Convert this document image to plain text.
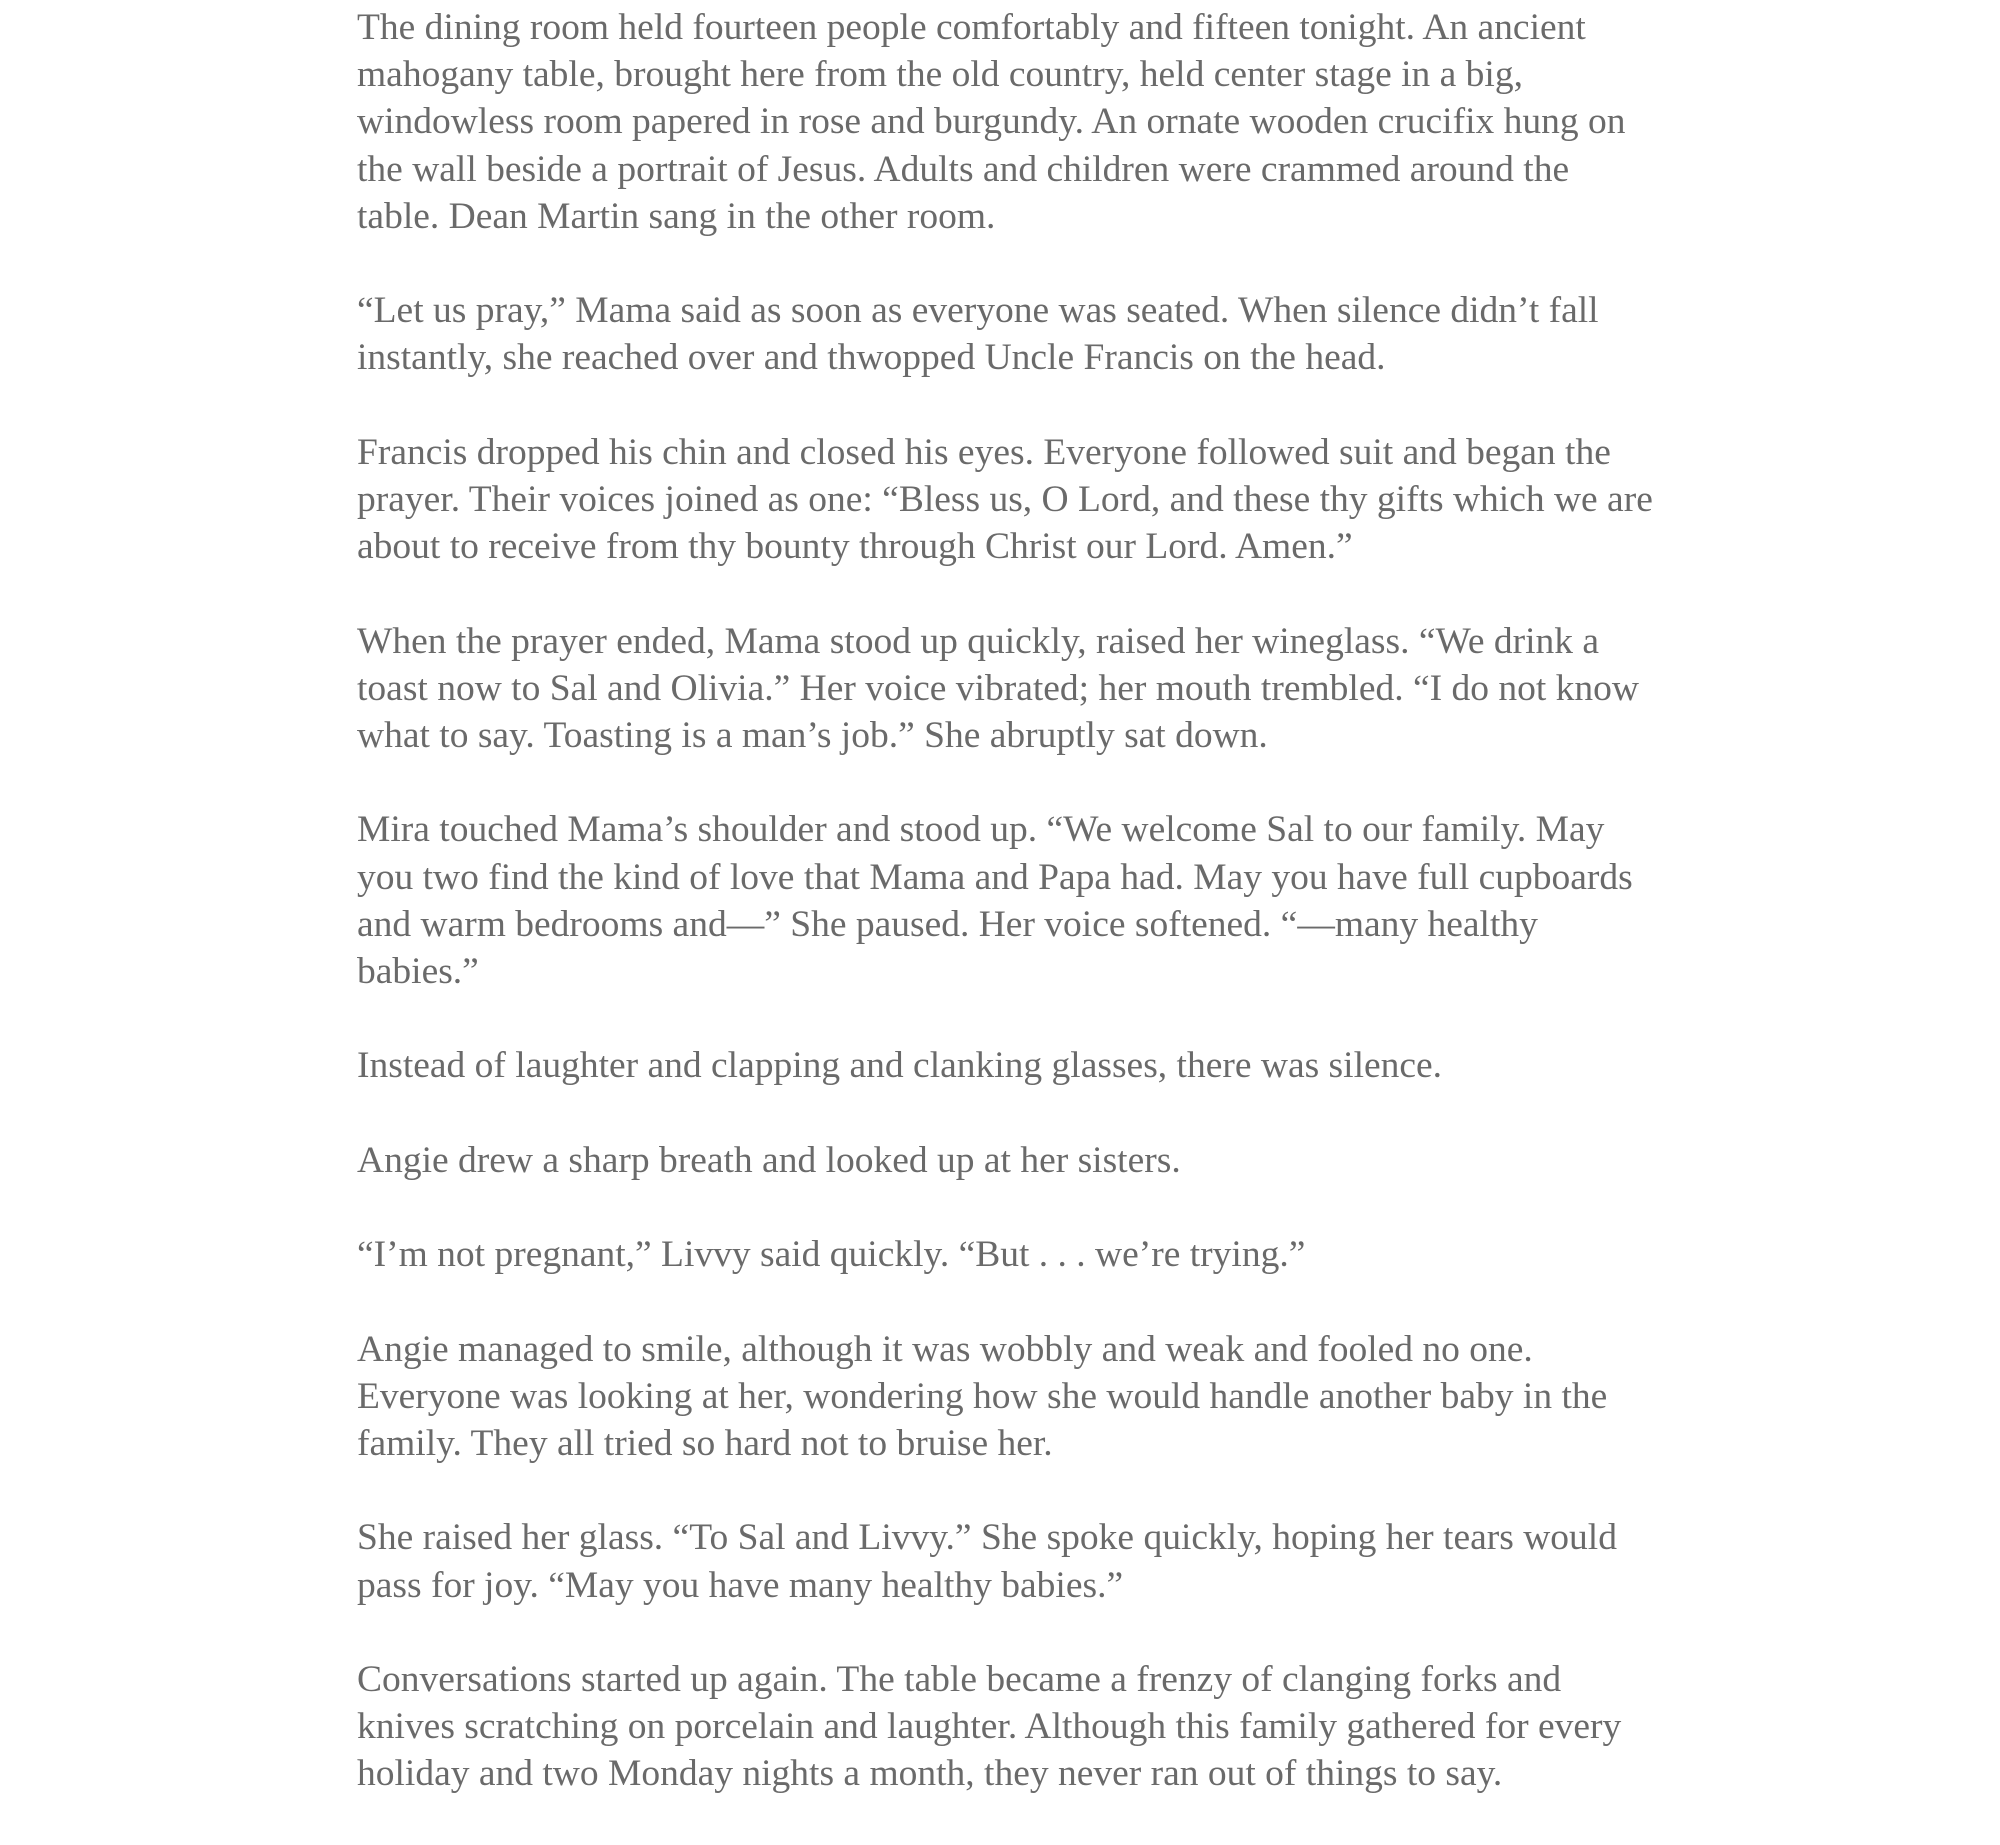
The dining room held fourteen people comfortably and fifteen tonight. An ancient
mahogany table, brought here from the old country, held center stage in a big,
windowless room papered in rose and burgundy. An ornate wooden crucifix hung on
the wall beside a portrait of Jesus. Adults and children were crammed around the
table. Dean Martin sang in the other room.

“Let us pray,” Mama said as soon as everyone was seated. When silence didn’t fall
instantly, she reached over and thwopped Uncle Francis on the head.

Francis dropped his chin and closed his eyes. Everyone followed suit and began the
prayer. Their voices joined as one: “Bless us, O Lord, and these thy gifts which we are
about to receive from thy bounty through Christ our Lord. Amen.”

When the prayer ended, Mama stood up quickly, raised her wineglass. “We drink a
toast now to Sal and Olivia.” Her voice vibrated; her mouth trembled. “I do not know
what to say. Toasting is a man’s job.” She abruptly sat down.

Mira touched Mama’s shoulder and stood up. “We welcome Sal to our family. May
you two find the kind of love that Mama and Papa had. May you have full cupboards
and warm bedrooms and—” She paused. Her voice softened. “—many healthy
babies.”

Instead of laughter and clapping and clanking glasses, there was silence.

Angie drew a sharp breath and looked up at her sisters.

“I’m not pregnant,” Livvy said quickly. “But . . . we’re trying.”

Angie managed to smile, although it was wobbly and weak and fooled no one.
Everyone was looking at her, wondering how she would handle another baby in the
family. They all tried so hard not to bruise her.

She raised her glass. “To Sal and Livvy.” She spoke quickly, hoping her tears would
pass for joy. “May you have many healthy babies.”

Conversations started up again. The table became a frenzy of clanging forks and
knives scratching on porcelain and laughter. Although this family gathered for every
holiday and two Monday nights a month, they never ran out of things to say.
